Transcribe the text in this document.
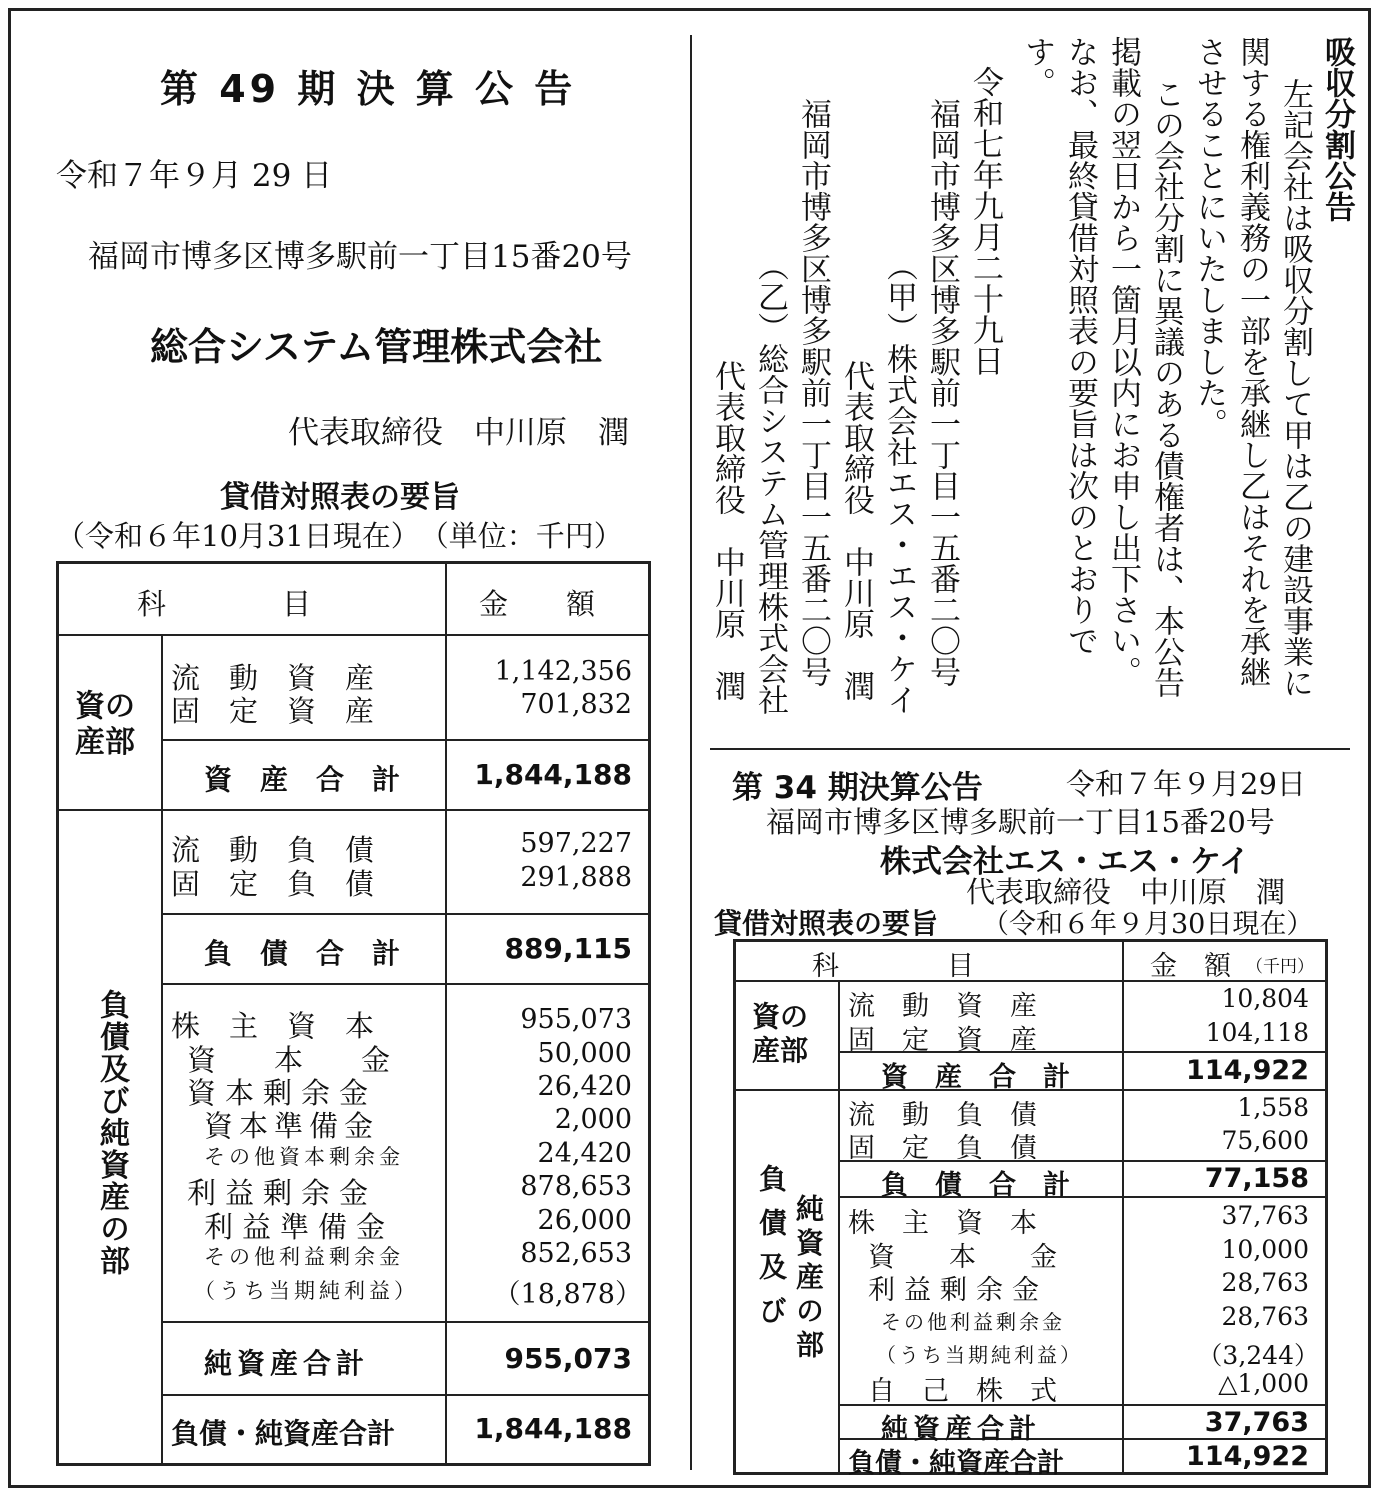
第 49 期 決 算 公 告
令和７年９月 29 日
福岡市博多区博多駅前一丁目15番20号
総合システム管理株式会社
代表取締役　中川原　潤
貸借対照表の要旨
（令和６年10月31日現在）　（単位：千円）
科　　　　目	金　　額
資の
産部
流　動　資　産	1,142,356
固　定　資　産	701,832
資　産　合　計	1,844,188
負債及び純資産の部
流　動　負　債	597,227
固　定　負　債	291,888
負　債　合　計	889,115
株　主　資　本	955,073
資　　本　　金	50,000
資本剰余金	26,420
資本準備金	2,000
その他資本剰余金	24,420
利益剰余金	878,653
利益準備金	26,000
その他利益剰余金	852,653
（うち当期純利益）	（18,878）
純資産合計	955,073
負債・純資産合計	1,844,188
吸収分割公告
左記会社は吸収分割して甲は乙の建設事業に
関する権利義務の一部を承継し乙はそれを承継
させることにいたしました。
この会社分割に異議のある債権者は、本公告
掲載の翌日から一箇月以内にお申し出下さい。
なお、最終貸借対照表の要旨は次のとおりで
す。
令和七年九月二十九日
福岡市博多区博多駅前一丁目一五番二〇号
（甲）株式会社エス・エス・ケイ
代表取締役　中川原　潤
福岡市博多区博多駅前一丁目一五番二〇号
（乙）総合システム管理株式会社
代表取締役　中川原　潤
第 34 期決算公告	令和７年９月29日
福岡市博多区博多駅前一丁目15番20号
株式会社エス・エス・ケイ
代表取締役　中川原　潤
貸借対照表の要旨 （令和６年９月30日現在）
科　　　　目	金　額 （千円）
資の
産部
流　動　資　産	10,804
固　定　資　産	104,118
資　産　合　計	114,922
純資産の部
負債及び
流　動　負　債	1,558
固　定　負　債	75,600
負　債　合　計	77,158
株　主　資　本	37,763
資　　本　　金	10,000
利益剰余金	28,763
その他利益剰余金	28,763
（うち当期純利益）	（3,244）
自　己　株　式	△1,000
純資産合計	37,763
負債・純資産合計	114,922
